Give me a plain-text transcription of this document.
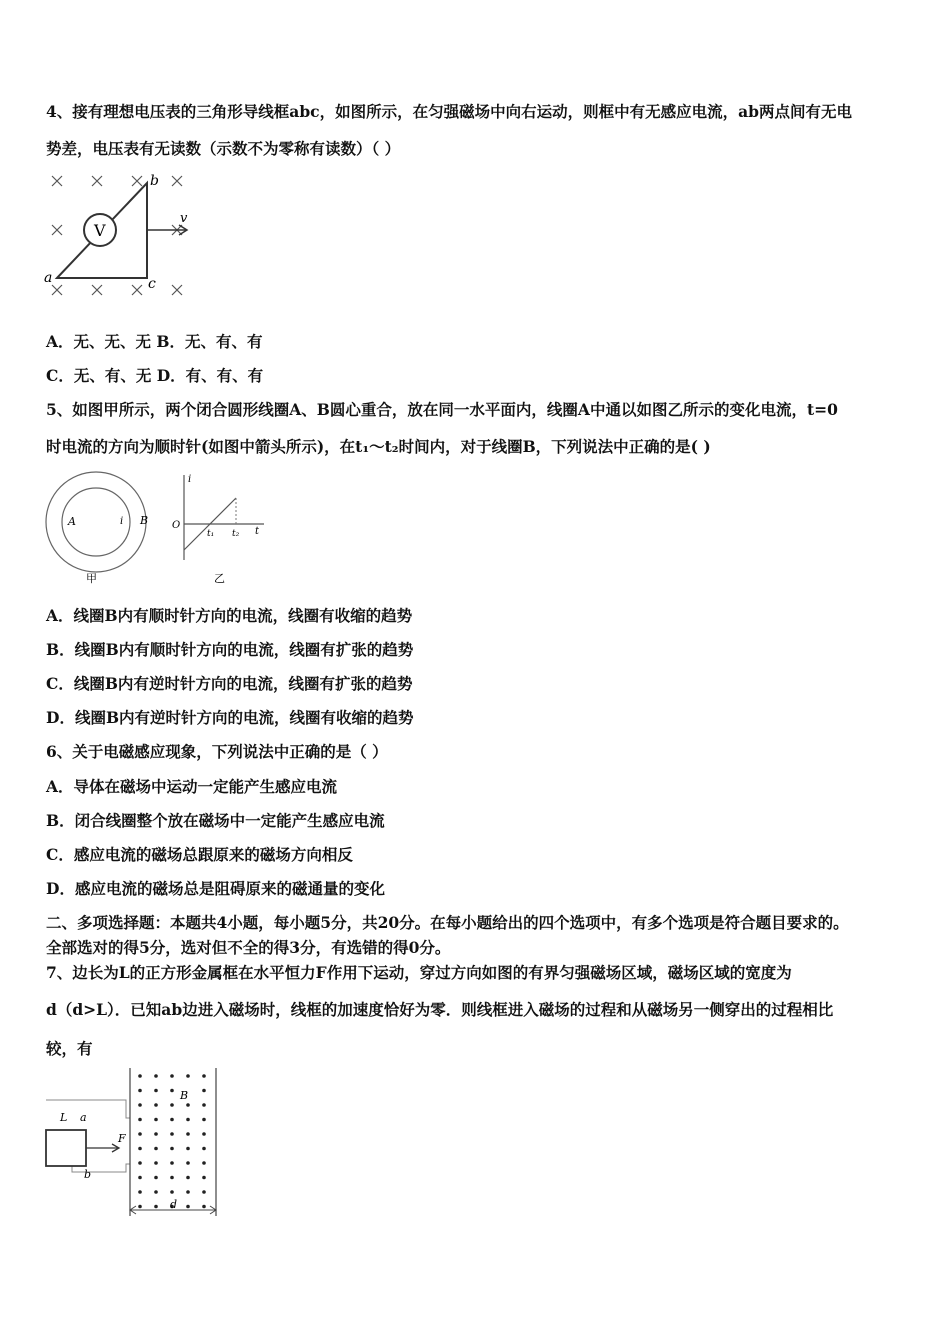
4、接有理想电压表的三角形导线框abc，如图所示，在匀强磁场中向右运动，则框中有无感应电流，ab两点间有无电
势差，电压表有无读数（示数不为零称有读数）（ ）
V
v
b
a	c
A．无、无、无 B．无、有、有
C．无、有、无 D．有、有、有
5、如图甲所示，两个闭合圆形线圈A、B圆心重合，放在同一水平面内，线圈A中通以如图乙所示的变化电流，t=0
时电流的方向为顺时针(如图中箭头所示)，在t₁～t₂时间内，对于线圈B，下列说法中正确的是( )
A	i B
甲
i
O
t₁ t₂ t
乙
A．线圈B内有顺时针方向的电流，线圈有收缩的趋势
B．线圈B内有顺时针方向的电流，线圈有扩张的趋势
C．线圈B内有逆时针方向的电流，线圈有扩张的趋势
D．线圈B内有逆时针方向的电流，线圈有收缩的趋势
6、关于电磁感应现象，下列说法中正确的是（ ）
A．导体在磁场中运动一定能产生感应电流
B．闭合线圈整个放在磁场中一定能产生感应电流
C．感应电流的磁场总跟原来的磁场方向相反
D．感应电流的磁场总是阻碍原来的磁通量的变化
二、多项选择题：本题共4小题，每小题5分，共20分。在每小题给出的四个选项中，有多个选项是符合题目要求的。
全部选对的得5分，选对但不全的得3分，有选错的得0分。
7、边长为L的正方形金属框在水平恒力F作用下运动，穿过方向如图的有界匀强磁场区域，磁场区域的宽度为
d（d>L）．已知ab边进入磁场时，线框的加速度恰好为零．则线框进入磁场的过程和从磁场另一侧穿出的过程相比
较，有
L a
b
F
B
d
